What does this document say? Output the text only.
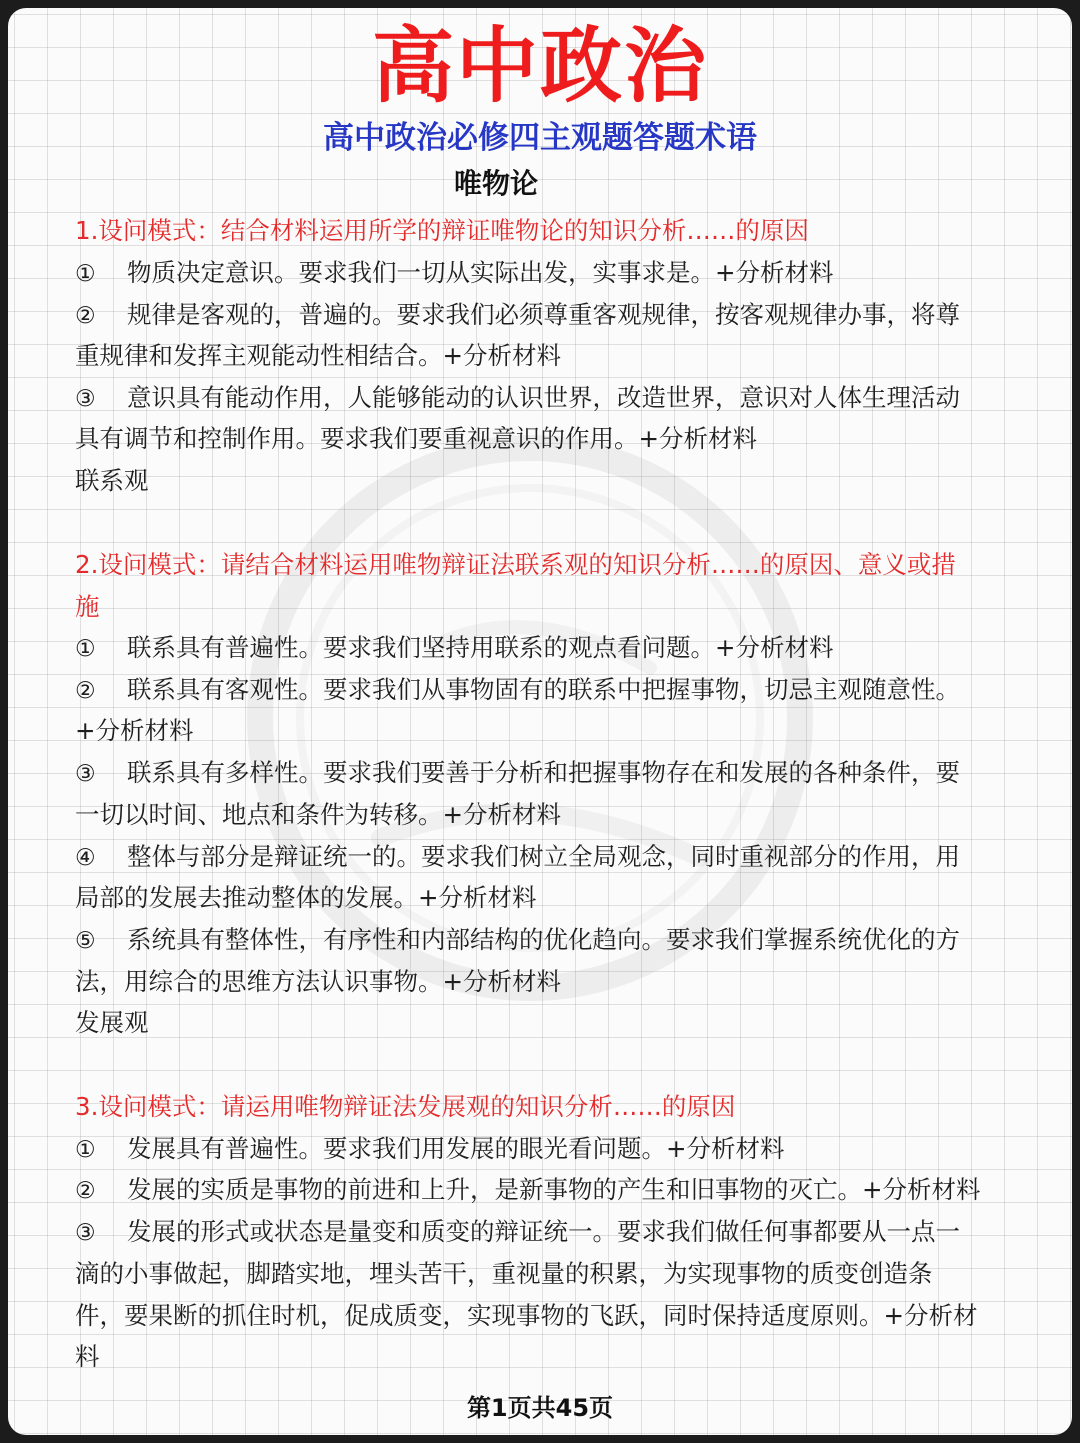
高中政治
高中政治必修四主观题答题术语
唯物论
1.设问模式：结合材料运用所学的辩证唯物论的知识分析……的原因
① 物质决定意识。要求我们一切从实际出发，实事求是。+分析材料
② 规律是客观的，普遍的。要求我们必须尊重客观规律，按客观规律办事，将尊
重规律和发挥主观能动性相结合。+分析材料
③ 意识具有能动作用，人能够能动的认识世界，改造世界，意识对人体生理活动
具有调节和控制作用。要求我们要重视意识的作用。+分析材料
联系观
2.设问模式：请结合材料运用唯物辩证法联系观的知识分析……的原因、意义或措
施
① 联系具有普遍性。要求我们坚持用联系的观点看问题。+分析材料
② 联系具有客观性。要求我们从事物固有的联系中把握事物，切忌主观随意性。
+分析材料
③ 联系具有多样性。要求我们要善于分析和把握事物存在和发展的各种条件，要
一切以时间、地点和条件为转移。+分析材料
④ 整体与部分是辩证统一的。要求我们树立全局观念，同时重视部分的作用，用
局部的发展去推动整体的发展。+分析材料
⑤ 系统具有整体性，有序性和内部结构的优化趋向。要求我们掌握系统优化的方
法，用综合的思维方法认识事物。+分析材料
发展观
3.设问模式：请运用唯物辩证法发展观的知识分析……的原因
① 发展具有普遍性。要求我们用发展的眼光看问题。+分析材料
② 发展的实质是事物的前进和上升，是新事物的产生和旧事物的灭亡。+分析材料
③ 发展的形式或状态是量变和质变的辩证统一。要求我们做任何事都要从一点一
滴的小事做起，脚踏实地，埋头苦干，重视量的积累，为实现事物的质变创造条
件，要果断的抓住时机，促成质变，实现事物的飞跃，同时保持适度原则。+分析材
料
第1页共45页
